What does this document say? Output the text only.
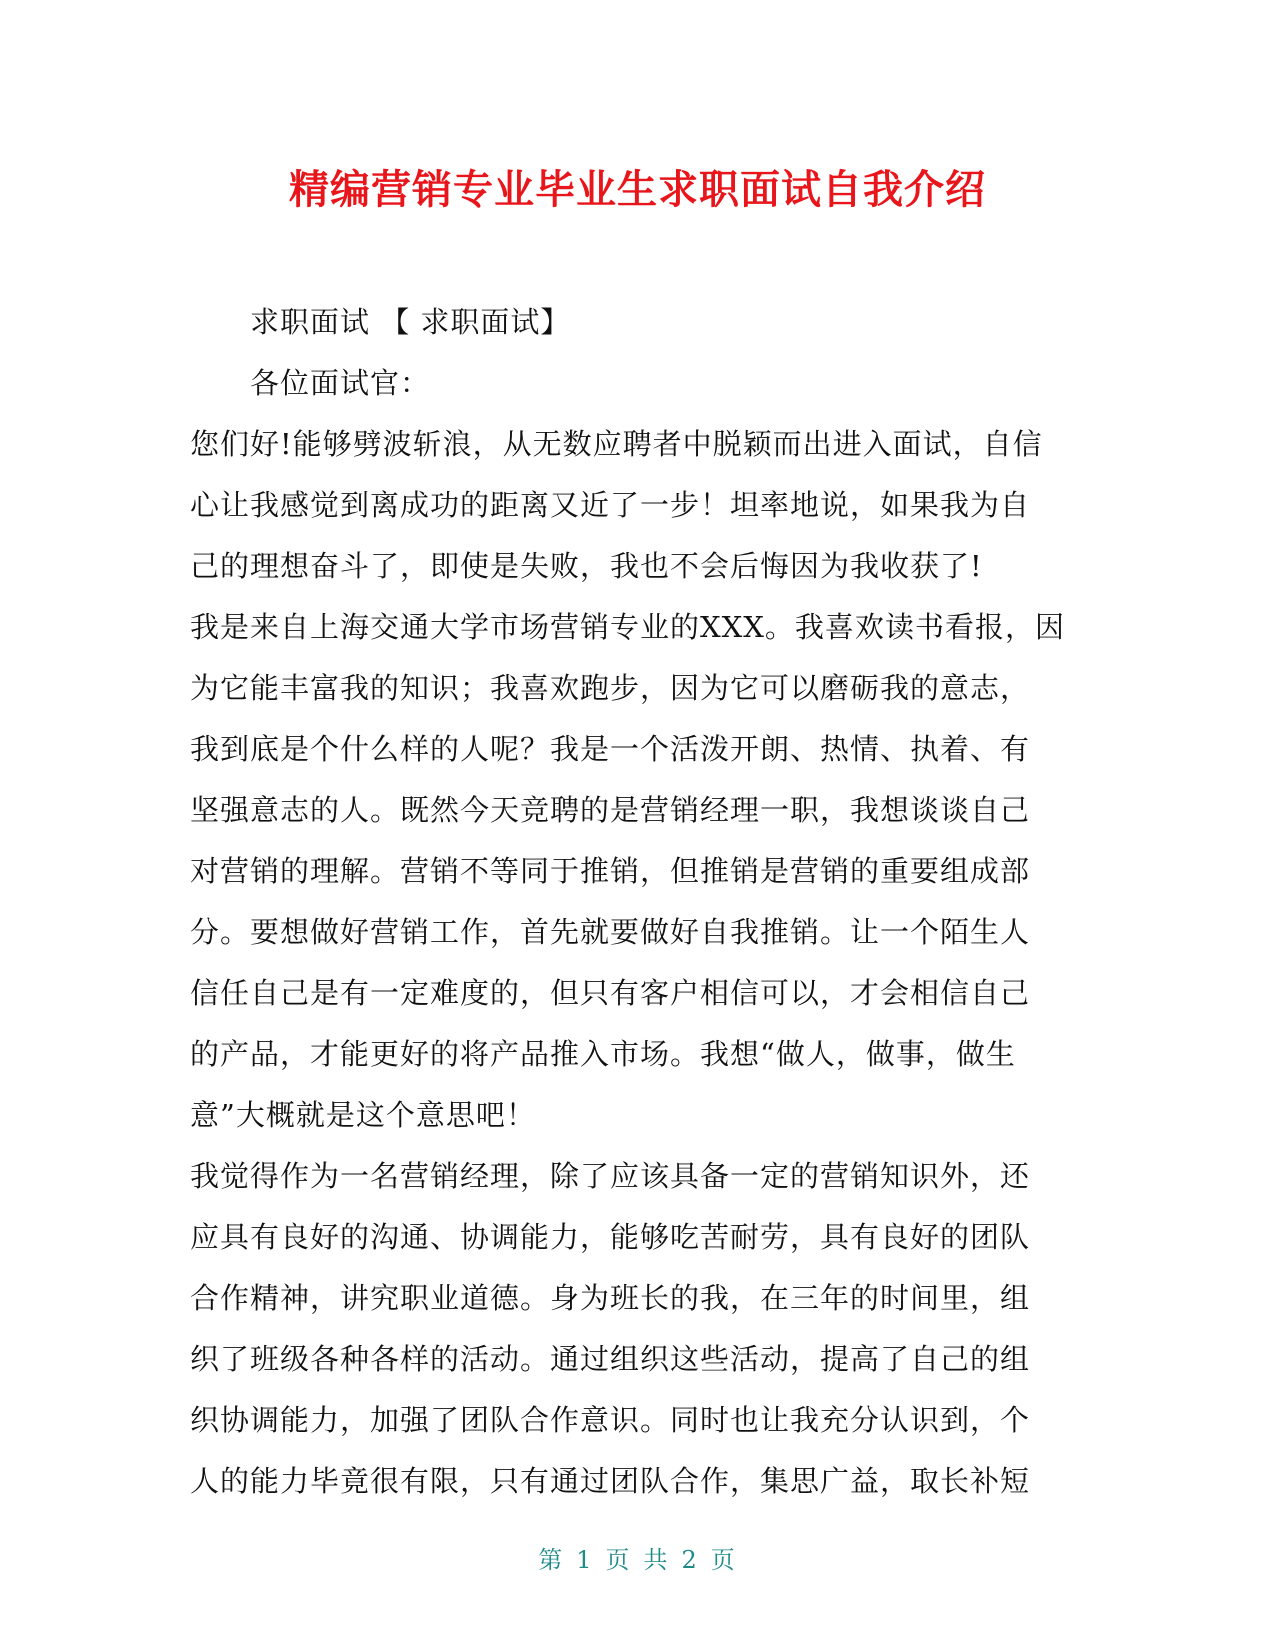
精编营销专业毕业生求职面试自我介绍
求职面试 【 求职面试】
各位面试官：
您们好!能够劈波斩浪，从无数应聘者中脱颖而出进入面试，自信
心让我感觉到离成功的距离又近了一步！坦率地说，如果我为自
己的理想奋斗了，即使是失败，我也不会后悔因为我收获了!
我是来自上海交通大学市场营销专业的XXX。我喜欢读书看报，因
为它能丰富我的知识；我喜欢跑步，因为它可以磨砺我的意志，
我到底是个什么样的人呢？我是一个活泼开朗、热情、执着、有
坚强意志的人。既然今天竞聘的是营销经理一职，我想谈谈自己
对营销的理解。营销不等同于推销，但推销是营销的重要组成部
分。要想做好营销工作，首先就要做好自我推销。让一个陌生人
信任自己是有一定难度的，但只有客户相信可以，才会相信自己
的产品，才能更好的将产品推入市场。我想“做人，做事，做生
意”大概就是这个意思吧！
我觉得作为一名营销经理，除了应该具备一定的营销知识外，还
应具有良好的沟通、协调能力，能够吃苦耐劳，具有良好的团队
合作精神，讲究职业道德。身为班长的我，在三年的时间里，组
织了班级各种各样的活动。通过组织这些活动，提高了自己的组
织协调能力，加强了团队合作意识。同时也让我充分认识到，个
人的能力毕竟很有限，只有通过团队合作，集思广益，取长补短
第 1 页 共 2 页
